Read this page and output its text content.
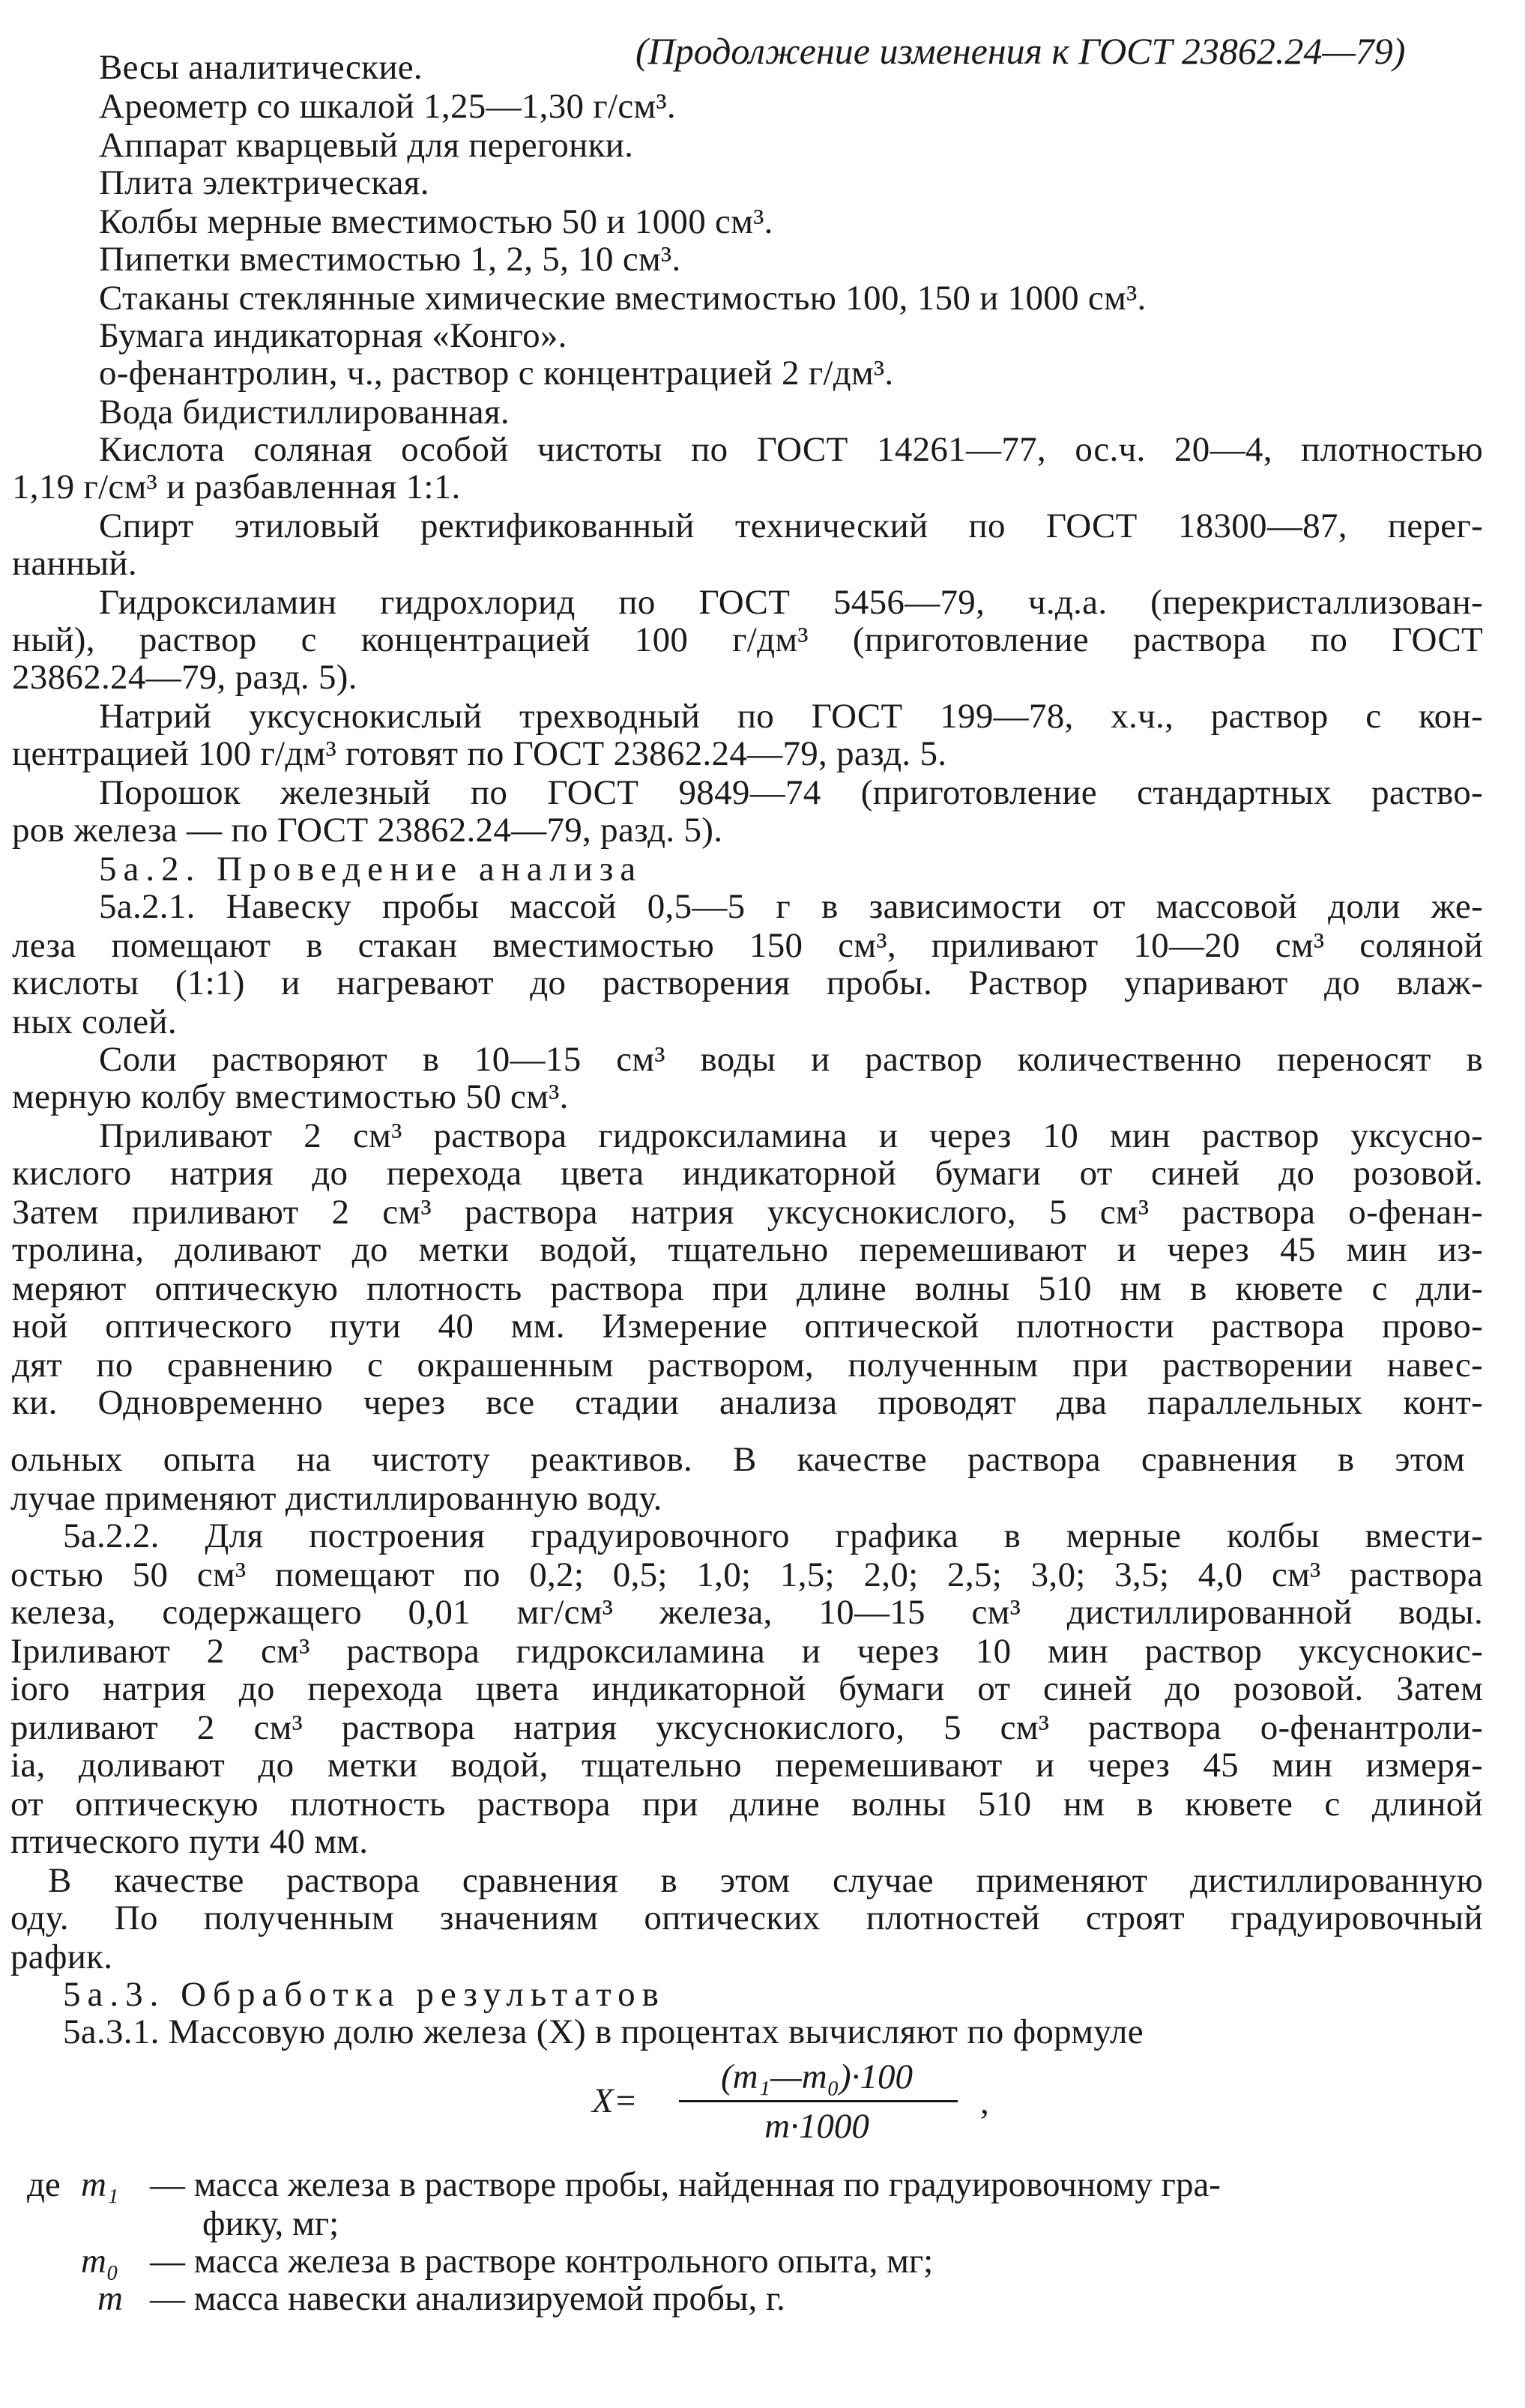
(Продолжение изменения к ГОСТ 23862.24—79)
Весы аналитические.
Ареометр со шкалой 1,25—1,30 г/см³.
Аппарат кварцевый для перегонки.
Плита электрическая.
Колбы мерные вместимостью 50 и 1000 см³.
Пипетки вместимостью 1, 2, 5, 10 см³.
Стаканы стеклянные химические вместимостью 100, 150 и 1000 см³.
Бумага индикаторная «Конго».
о-фенантролин, ч., раствор с концентрацией 2 г/дм³.
Вода бидистиллированная.
Кислота соляная особой чистоты по ГОСТ 14261—77, ос.ч. 20—4, плотностью
1,19 г/см³ и разбавленная 1:1.
Спирт этиловый ректификованный технический по ГОСТ 18300—87, перег-
нанный.
Гидроксиламин гидрохлорид по ГОСТ 5456—79, ч.д.а. (перекристаллизован-
ный), раствор с концентрацией 100 г/дм³ (приготовление раствора по ГОСТ
23862.24—79, разд. 5).
Натрий уксуснокислый трехводный по ГОСТ 199—78, х.ч., раствор с кон-
центрацией 100 г/дм³ готовят по ГОСТ 23862.24—79, разд. 5.
Порошок железный по ГОСТ 9849—74 (приготовление стандартных раство-
ров железа — по ГОСТ 23862.24—79, разд. 5).
5а.2. Проведение анализа
5а.2.1. Навеску пробы массой 0,5—5 г в зависимости от массовой доли же-
леза помещают в стакан вместимостью 150 см³, приливают 10—20 см³ соляной
кислоты (1:1) и нагревают до растворения пробы. Раствор упаривают до влаж-
ных солей.
Соли растворяют в 10—15 см³ воды и раствор количественно переносят в
мерную колбу вместимостью 50 см³.
Приливают 2 см³ раствора гидроксиламина и через 10 мин раствор уксусно-
кислого натрия до перехода цвета индикаторной бумаги от синей до розовой.
Затем приливают 2 см³ раствора натрия уксуснокислого, 5 см³ раствора о-фенан-
тролина, доливают до метки водой, тщательно перемешивают и через 45 мин из-
меряют оптическую плотность раствора при длине волны 510 нм в кювете с дли-
ной оптического пути 40 мм. Измерение оптической плотности раствора прово-
дят по сравнению с окрашенным раствором, полученным при растворении навес-
ки. Одновременно через все стадии анализа проводят два параллельных конт-
ольных опыта на чистоту реактивов. В качестве раствора сравнения в этом
лучае применяют дистиллированную воду.
5а.2.2. Для построения градуировочного графика в мерные колбы вмести-
остью 50 см³ помещают по 0,2; 0,5; 1,0; 1,5; 2,0; 2,5; 3,0; 3,5; 4,0 см³ раствора
келеза, содержащего 0,01 мг/см³ железа, 10—15 см³ дистиллированной воды.
Іриливают 2 см³ раствора гидроксиламина и через 10 мин раствор уксуснокис-
іого натрия до перехода цвета индикаторной бумаги от синей до розовой. Затем
риливают 2 см³ раствора натрия уксуснокислого, 5 см³ раствора о-фенантроли-
іа, доливают до метки водой, тщательно перемешивают и через 45 мин измеря-
от оптическую плотность раствора при длине волны 510 нм в кювете с длиной
птического пути 40 мм.
В качестве раствора сравнения в этом случае применяют дистиллированную
оду. По полученным значениям оптических плотностей строят градуировочный
рафик.
5а.3. Обработка результатов
5а.3.1. Массовую долю железа (X) в процентах вычисляют по формуле
X=
(m₁—m₀)·100
m·1000
,
де m₁ — масса железа в растворе пробы, найденная по градуировочному гра-
фику, мг;
m₀ — масса железа в растворе контрольного опыта, мг;
m — масса навески анализируемой пробы, г.
